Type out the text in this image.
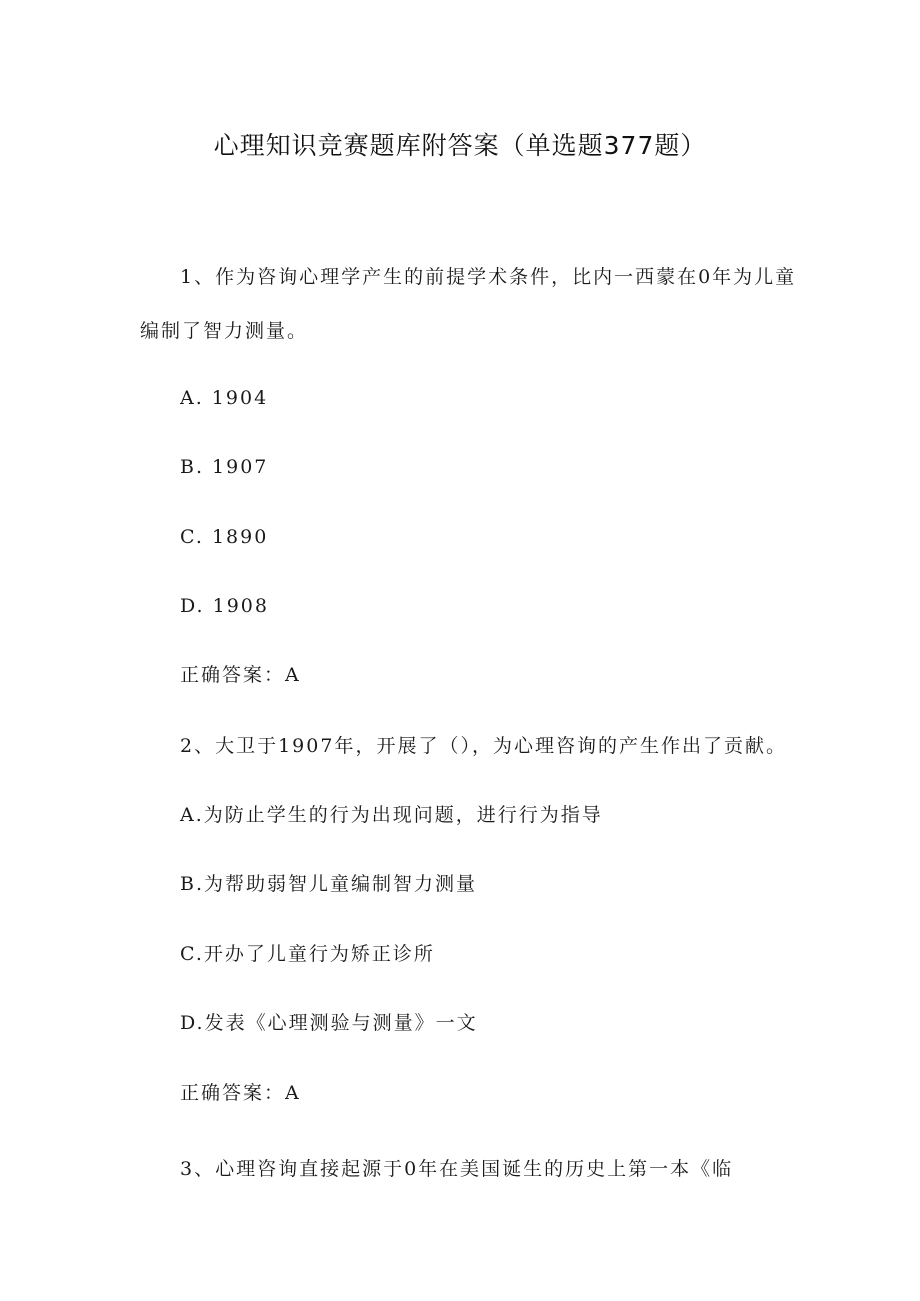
心理知识竞赛题库附答案（单选题377题）
1、作为咨询心理学产生的前提学术条件，比内一西蒙在0年为儿童
编制了智力测量。
A. 1904
B. 1907
C. 1890
D. 1908
正确答案：A
2、大卫于1907年，开展了（），为心理咨询的产生作出了贡献。
A.为防止学生的行为出现问题，进行行为指导
B.为帮助弱智儿童编制智力测量
C.开办了儿童行为矫正诊所
D.发表《心理测验与测量》一文
正确答案：A
3、心理咨询直接起源于0年在美国诞生的历史上第一本《临
